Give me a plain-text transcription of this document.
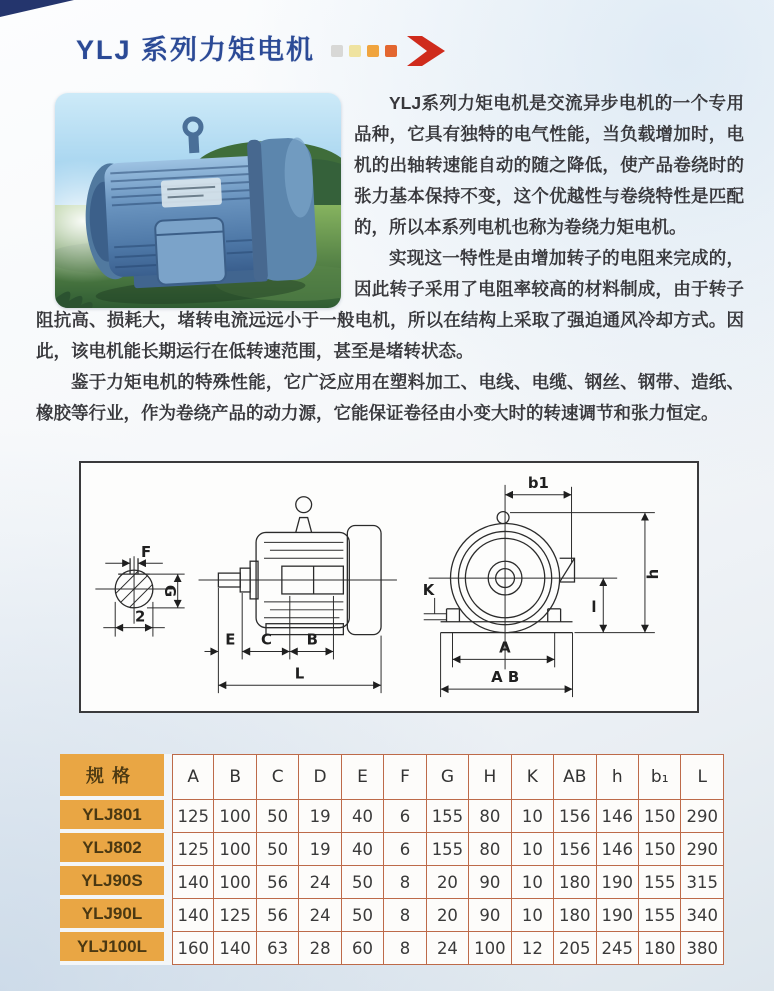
YLJ 系列力矩电机

YLJ系列力矩电机是交流异步电机的一个专用品种，它具有独特的电气性能，当负载增加时，电机的出轴转速能自动的随之降低，使产品卷绕时的张力基本保持不变，这个优越性与卷绕特性是匹配的，所以本系列电机也称为卷绕力矩电机。

实现这一特性是由增加转子的电阻来完成的，因此转子采用了电阻率较高的材料制成，由于转子阻抗高、损耗大，堵转电流远远小于一般电机，所以在结构上采取了强迫通风冷却方式。因此，该电机能长期运行在低转速范围，甚至是堵转状态。

鉴于力矩电机的特殊性能，它广泛应用在塑料加工、电线、电缆、钢丝、钢带、造纸、橡胶等行业，作为卷绕产品的动力源，它能保证卷径由小变大时的转速调节和张力恒定。

F
G
2
E C B
L
K
b1
h
l
A
A B
规格	A	B	C	D	E	F	G	H	K	AB	h	b₁	L
YLJ801	125	100	50	19	40	6	155	80	10	156	146	150	290
YLJ802	125	100	50	19	40	6	155	80	10	156	146	150	290
YLJ90S	140	100	56	24	50	8	20	90	10	180	190	155	315
YLJ90L	140	125	56	24	50	8	20	90	10	180	190	155	340
YLJ100L	160	140	63	28	60	8	24	100	12	205	245	180	380
